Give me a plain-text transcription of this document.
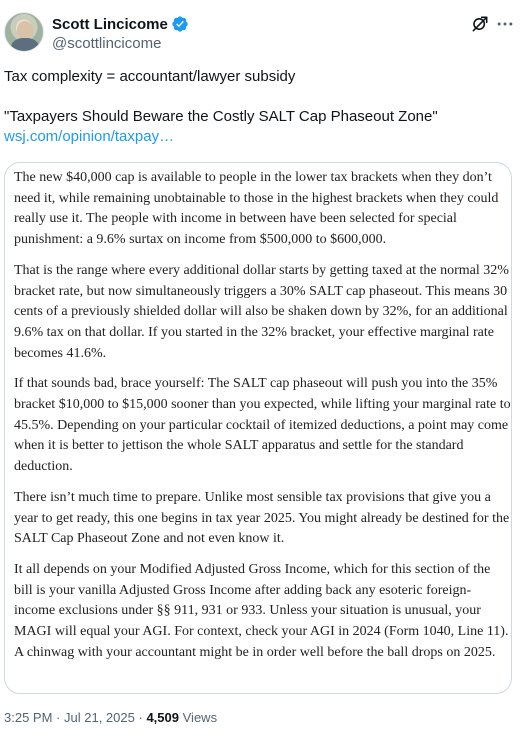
Scott Lincicome
@scottlincicome

Tax complexity = accountant/lawyer subsidy

"Taxpayers Should Beware the Costly SALT Cap Phaseout Zone"

wsj.com/opinion/taxpay…

The new $40,000 cap is available to people in the lower tax brackets when they don’t need it, while remaining unobtainable to those in the highest brackets when they could really use it. The people with income in between have been selected for special punishment: a 9.6% surtax on income from $500,000 to $600,000.

That is the range where every additional dollar starts by getting taxed at the normal 32% bracket rate, but now simultaneously triggers a 30% SALT cap phaseout. This means 30 cents of a previously shielded dollar will also be shaken down by 32%, for an additional 9.6% tax on that dollar. If you started in the 32% bracket, your effective marginal rate becomes 41.6%.

If that sounds bad, brace yourself: The SALT cap phaseout will push you into the 35% bracket $10,000 to $15,000 sooner than you expected, while lifting your marginal rate to 45.5%. Depending on your particular cocktail of itemized deductions, a point may come when it is better to jettison the whole SALT apparatus and settle for the standard deduction.

There isn’t much time to prepare. Unlike most sensible tax provisions that give you a year to get ready, this one begins in tax year 2025. You might already be destined for the SALT Cap Phaseout Zone and not even know it.

It all depends on your Modified Adjusted Gross Income, which for this section of the bill is your vanilla Adjusted Gross Income after adding back any esoteric foreign-income exclusions under §§ 911, 931 or 933. Unless your situation is unusual, your MAGI will equal your AGI. For context, check your AGI in 2024 (Form 1040, Line 11). A chinwag with your accountant might be in order well before the ball drops on 2025.

3:25 PM · Jul 21, 2025 · 4,509 Views
